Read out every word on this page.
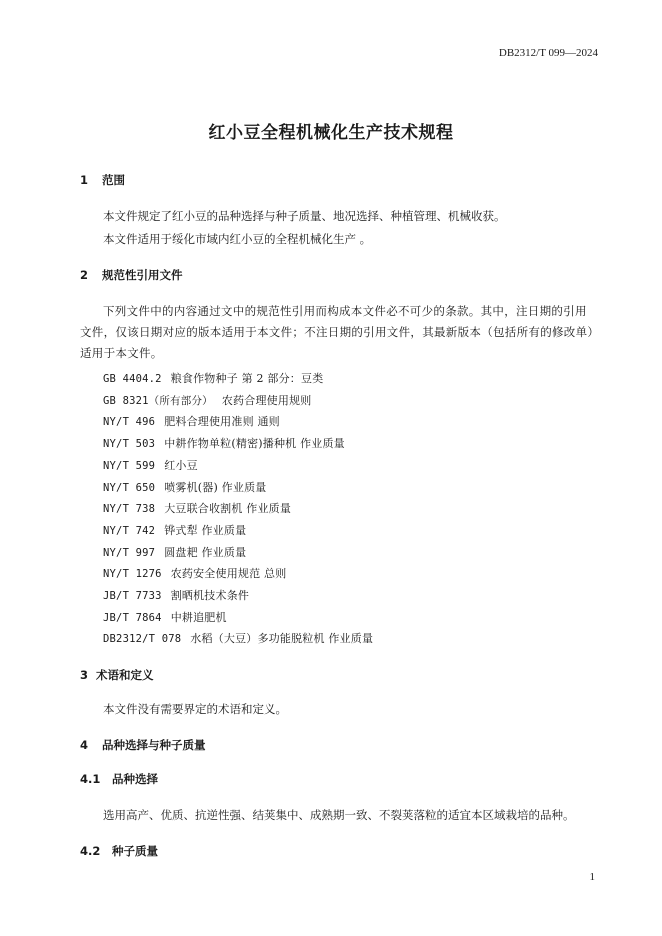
DB2312/T 099—2024
红小豆全程机械化生产技术规程
1 范围
本文件规定了红小豆的品种选择与种子质量、地况选择、种植管理、机械收获。
本文件适用于绥化市域内红小豆的全程机械化生产 。
2 规范性引用文件
下列文件中的内容通过文中的规范性引用而构成本文件必不可少的条款。其中，注日期的引用文件，仅该日期对应的版本适用于本文件；不注日期的引用文件，其最新版本（包括所有的修改单）适用于本文件。
GB 4404.2 粮食作物种子 第 2 部分：豆类
GB 8321（所有部分） 农药合理使用规则
NY/T 496 肥料合理使用准则 通则
NY/T 503 中耕作物单粒(精密)播种机 作业质量
NY/T 599 红小豆
NY/T 650 喷雾机(器) 作业质量
NY/T 738 大豆联合收割机 作业质量
NY/T 742 铧式犁 作业质量
NY/T 997 圆盘耙 作业质量
NY/T 1276 农药安全使用规范 总则
JB/T 7733 割晒机技术条件
JB/T 7864 中耕追肥机
DB2312/T 078 水稻（大豆）多功能脱粒机 作业质量
3 术语和定义
本文件没有需要界定的术语和定义。
4 品种选择与种子质量
4.1 品种选择
选用高产、优质、抗逆性强、结荚集中、成熟期一致、不裂荚落粒的适宜本区域栽培的品种。
4.2 种子质量
1
